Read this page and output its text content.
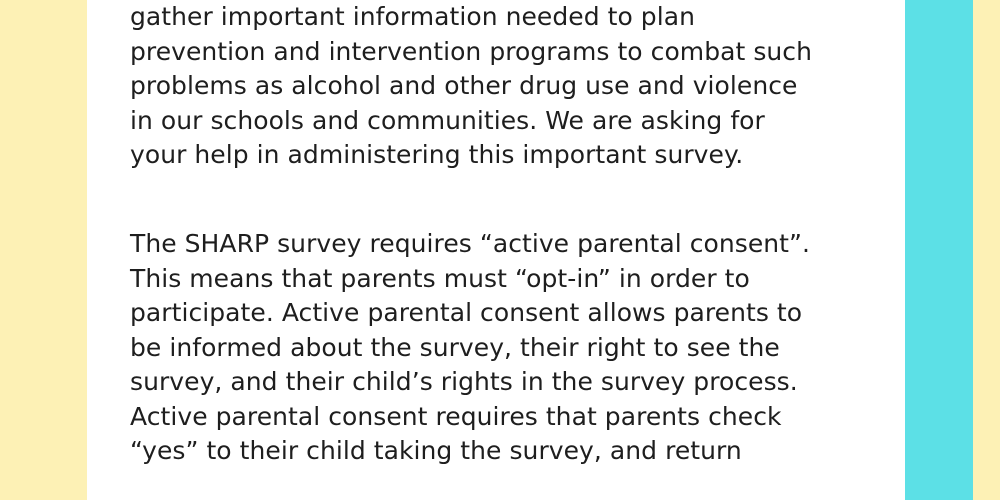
gather important information needed to plan
prevention and intervention programs to combat such
problems as alcohol and other drug use and violence
in our schools and communities. We are asking for
your help in administering this important survey.
The SHARP survey requires “active parental consent”.
This means that parents must “opt-in” in order to
participate. Active parental consent allows parents to
be informed about the survey, their right to see the
survey, and their child’s rights in the survey process.
Active parental consent requires that parents check
“yes” to their child taking the survey, and return
